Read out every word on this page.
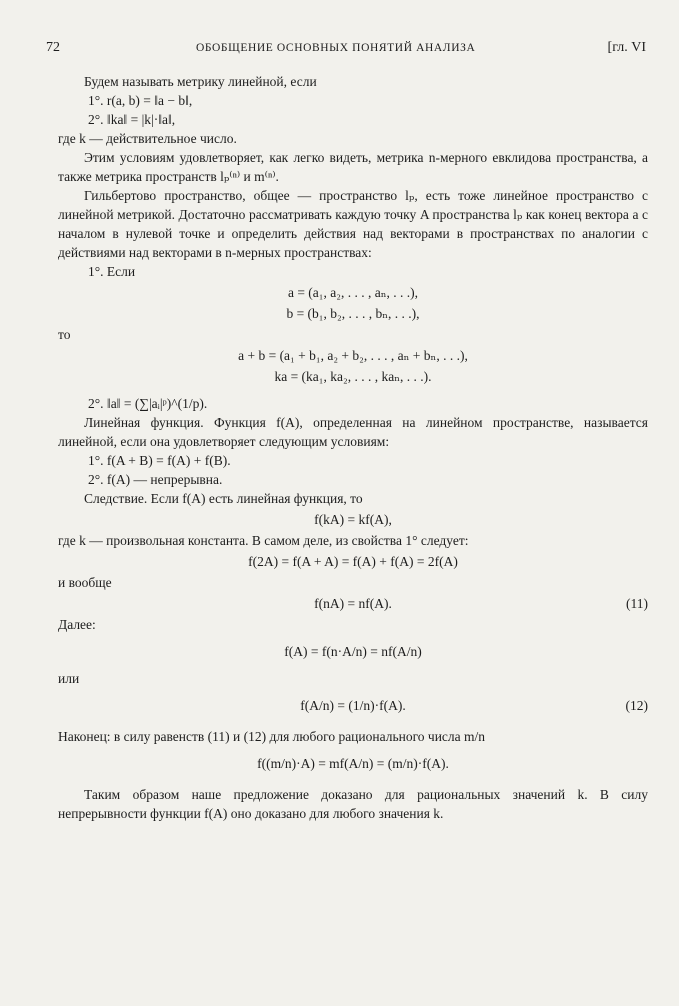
72	ОБОБЩЕНИЕ ОСНОВНЫХ ПОНЯТИЙ АНАЛИЗА	[гл. VI

Будем называть метрику линейной, если

1°. r(a, b) = ‖a − b‖,

2°. ‖ka‖ = |k|·‖a‖,

где k — действительное число.

Этим условиям удовлетворяет, как легко видеть, метрика n-мерного евклидова пространства, а также метрика пространств lₚ⁽ⁿ⁾ и m⁽ⁿ⁾.

Гильбертово пространство, общее — пространство lₚ, есть тоже линейное пространство с линейной метрикой. Достаточно рассматривать каждую точку A пространства lₚ как конец вектора a с началом в нулевой точке и определить действия над векторами в пространствах по аналогии с действиями над векторами в n-мерных пространствах:

1°. Если

a = (a₁, a₂, . . . , aₙ, . . .),

b = (b₁, b₂, . . . , bₙ, . . .),

то

a + b = (a₁ + b₁, a₂ + b₂, . . . , aₙ + bₙ, . . .),

ka = (ka₁, ka₂, . . . , kaₙ, . . .).

2°. ‖a‖ = (∑|aᵢ|ᵖ)^(1/p).

Линейная функция. Функция f(A), определенная на линейном пространстве, называется линейной, если она удовлетворяет следующим условиям:

1°. f(A + B) = f(A) + f(B).

2°. f(A) — непрерывна.

Следствие. Если f(A) есть линейная функция, то

f(kA) = kf(A),

где k — произвольная константа. В самом деле, из свойства 1° следует:

f(2A) = f(A + A) = f(A) + f(A) = 2f(A)

и вообще

f(nA) = nf(A).	(11)

Далее:

f(A) = f(n·A/n) = nf(A/n)

или

f(A/n) = (1/n)·f(A).	(12)

Наконец: в силу равенств (11) и (12) для любого рационального числа m/n

f((m/n)·A) = mf(A/n) = (m/n)·f(A).

Таким образом наше предложение доказано для рациональных значений k. В силу непрерывности функции f(A) оно доказано для любого значения k.
